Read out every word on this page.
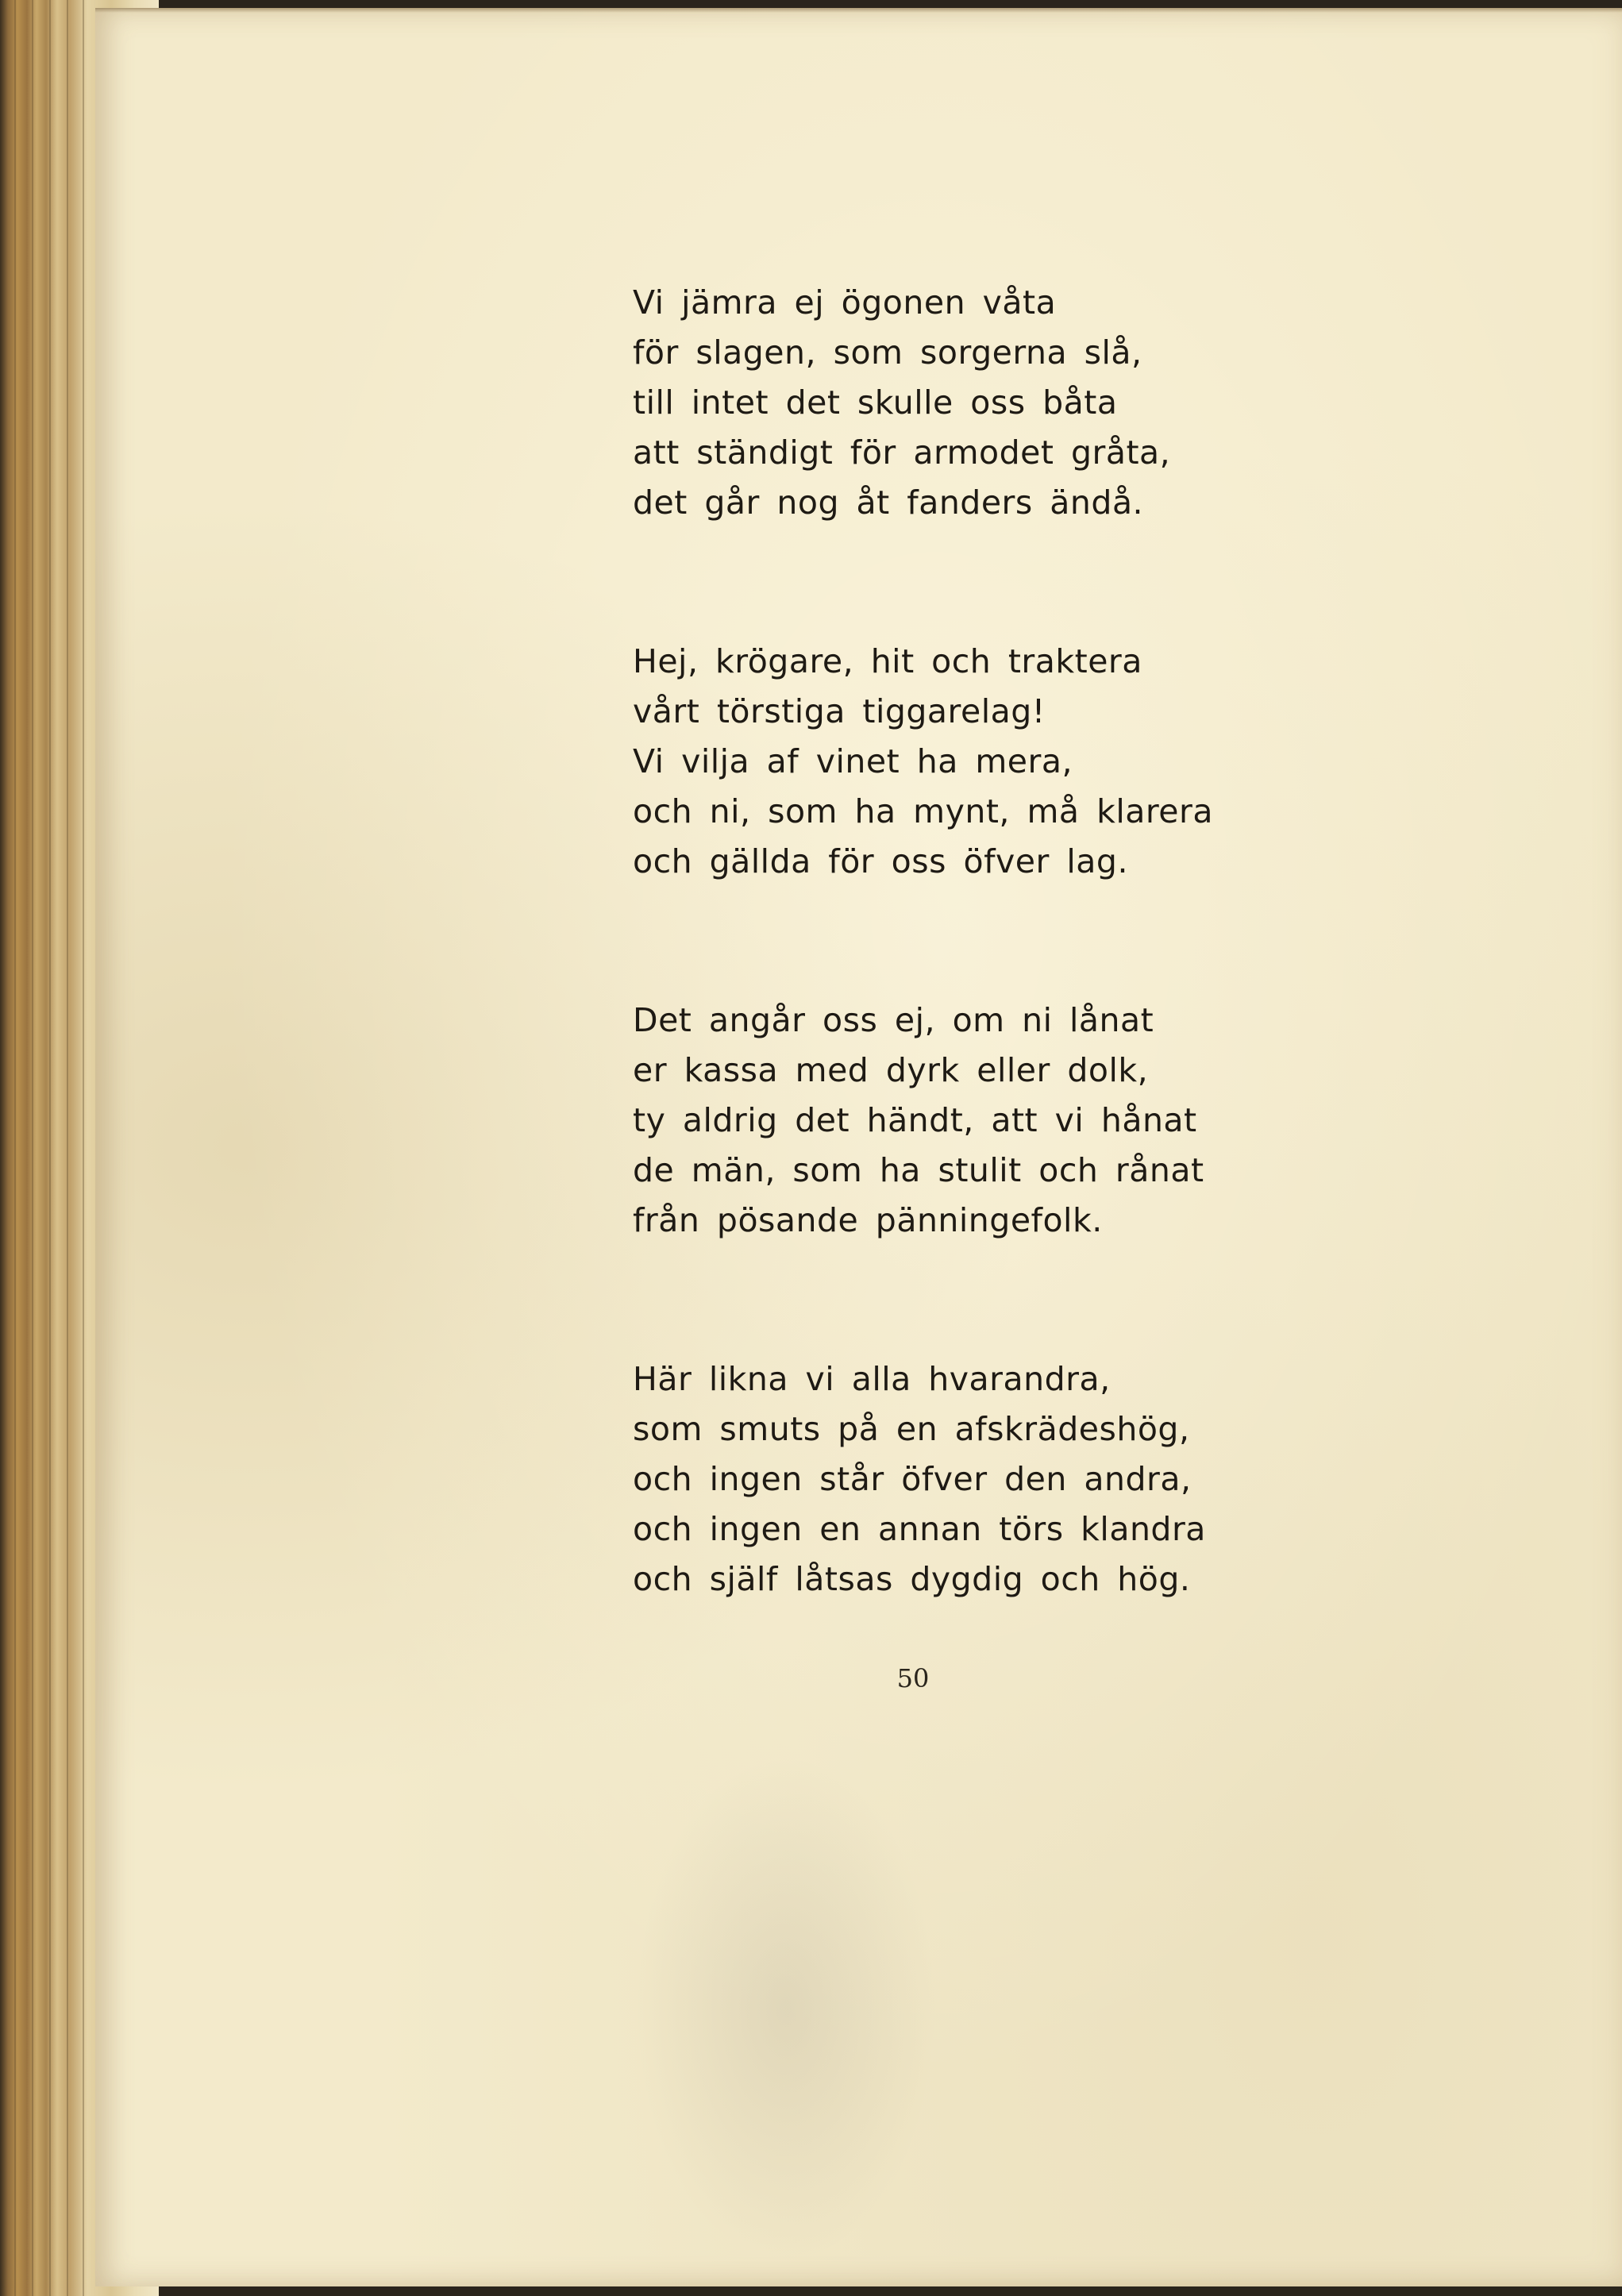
Vi jämra ej ögonen våta
för slagen, som sorgerna slå,
till intet det skulle oss båta
att ständigt för armodet gråta,
det går nog åt fanders ändå.

Hej, krögare, hit och traktera
vårt törstiga tiggarelag!
Vi vilja af vinet ha mera,
och ni, som ha mynt, må klarera
och gällda för oss öfver lag.

Det angår oss ej, om ni lånat
er kassa med dyrk eller dolk,
ty aldrig det händt, att vi hånat
de män, som ha stulit och rånat
från pösande pänningefolk.

Här likna vi alla hvarandra,
som smuts på en afskrädeshög,
och ingen står öfver den andra,
och ingen en annan törs klandra
och själf låtsas dygdig och hög.

50
